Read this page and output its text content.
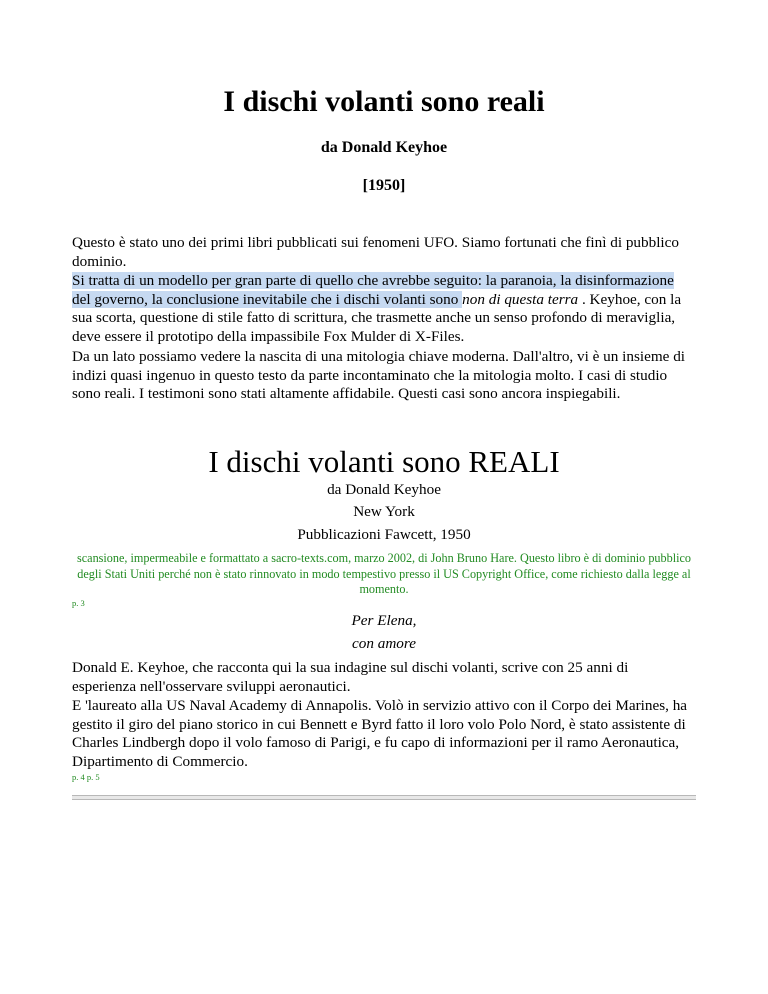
I dischi volanti sono reali
da Donald Keyhoe
[1950]

Questo è stato uno dei primi libri pubblicati sui fenomeni UFO. Siamo fortunati che finì di pubblico dominio.

Si tratta di un modello per gran parte di quello che avrebbe seguito: la paranoia, la disinformazione del governo, la conclusione inevitabile che i dischi volanti sono non di questa terra . Keyhoe, con la sua scorta, questione di stile fatto di scrittura, che trasmette anche un senso profondo di meraviglia, deve essere il prototipo della impassibile Fox Mulder di X-Files.

Da un lato possiamo vedere la nascita di una mitologia chiave moderna. Dall'altro, vi è un insieme di indizi quasi ingenuo in questo testo da parte incontaminato che la mitologia molto. I casi di studio sono reali. I testimoni sono stati altamente affidabile. Questi casi sono ancora inspiegabili.

I dischi volanti sono REALI
da Donald Keyhoe
New York
Pubblicazioni Fawcett, 1950
scansione, impermeabile e formattato a sacro-texts.com, marzo 2002, di John Bruno Hare. Questo libro è di dominio pubblico degli Stati Uniti perché non è stato rinnovato in modo tempestivo presso il US Copyright Office, come richiesto dalla legge al momento.
p. 3
Per Elena,
con amore

Donald E. Keyhoe, che racconta qui la sua indagine sul dischi volanti, scrive con 25 anni di esperienza nell'osservare sviluppi aeronautici.

E 'laureato alla US Naval Academy di Annapolis. Volò in servizio attivo con il Corpo dei Marines, ha gestito il giro del piano storico in cui Bennett e Byrd fatto il loro volo Polo Nord, è stato assistente di Charles Lindbergh dopo il volo famoso di Parigi, e fu capo di informazioni per il ramo Aeronautica, Dipartimento di Commercio.

p. 4 p. 5
